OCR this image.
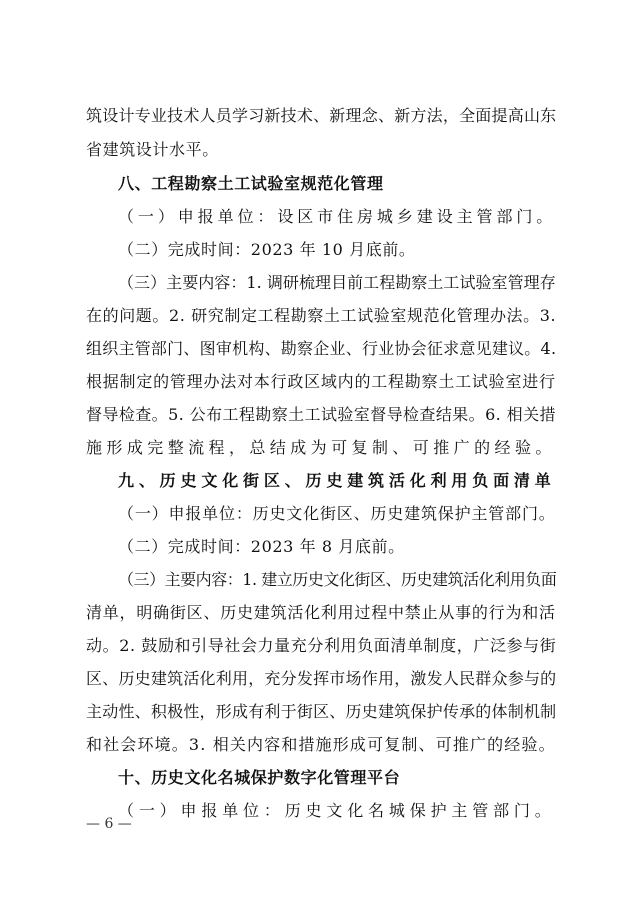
筑设计专业技术人员学习新技术、新理念、新方法，全面提高山东
省建筑设计水平。
八、工程勘察土工试验室规范化管理
（一）申报单位：设区市住房城乡建设主管部门。
（二）完成时间：2023 年 10 月底前。
（三）主要内容：1. 调研梳理目前工程勘察土工试验室管理存
在的问题。2. 研究制定工程勘察土工试验室规范化管理办法。3.
组织主管部门、图审机构、勘察企业、行业协会征求意见建议。4.
根据制定的管理办法对本行政区域内的工程勘察土工试验室进行
督导检查。5. 公布工程勘察土工试验室督导检查结果。6. 相关措
施形成完整流程，总结成为可复制、可推广的经验。
九、历史文化街区、历史建筑活化利用负面清单
（一）申报单位：历史文化街区、历史建筑保护主管部门。
（二）完成时间：2023 年 8 月底前。
（三）主要内容：1. 建立历史文化街区、历史建筑活化利用负面
清单，明确街区、历史建筑活化利用过程中禁止从事的行为和活
动。2. 鼓励和引导社会力量充分利用负面清单制度，广泛参与街
区、历史建筑活化利用，充分发挥市场作用，激发人民群众参与的
主动性、积极性，形成有利于街区、历史建筑保护传承的体制机制
和社会环境。3. 相关内容和措施形成可复制、可推广的经验。
十、历史文化名城保护数字化管理平台
（一）申报单位：历史文化名城保护主管部门。
— 6 —
